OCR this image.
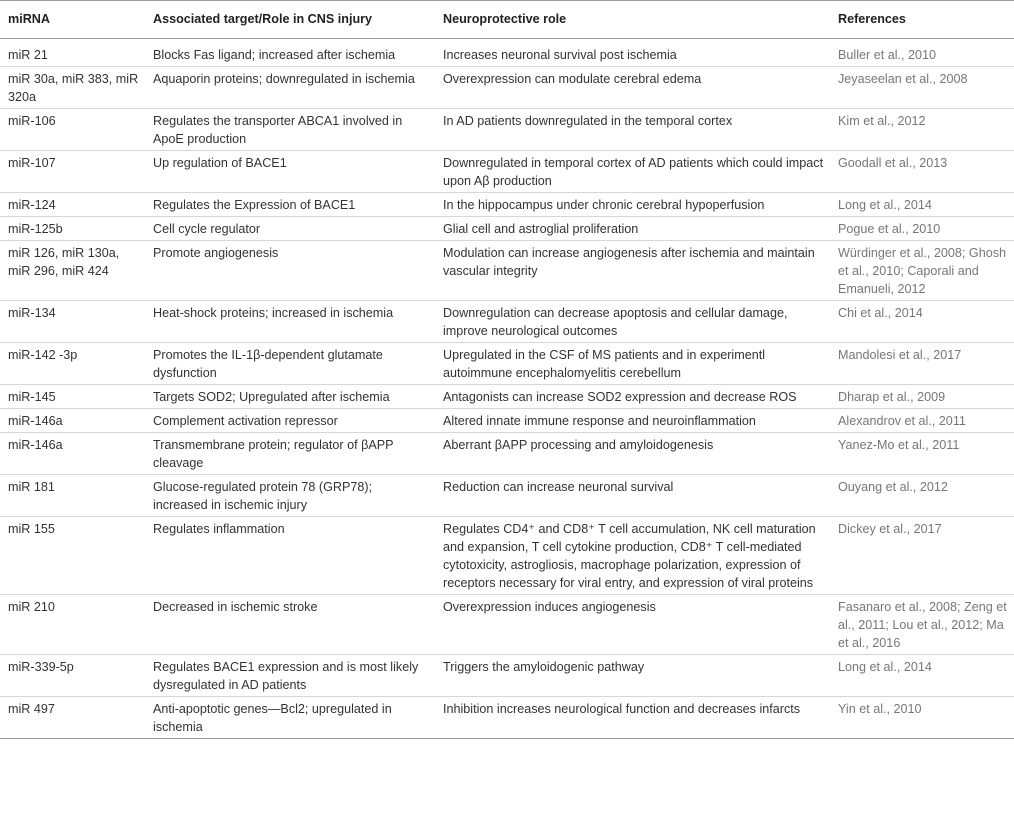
miRNA	Associated target/Role in CNS injury	Neuroprotective role	References
miR 21	Blocks Fas ligand; increased after ischemia	Increases neuronal survival post ischemia	Buller et al., 2010
miR 30a, miR 383, miR 320a	Aquaporin proteins; downregulated in ischemia	Overexpression can modulate cerebral edema	Jeyaseelan et al., 2008
miR-106	Regulates the transporter ABCA1 involved in ApoE production	In AD patients downregulated in the temporal cortex	Kim et al., 2012
miR-107	Up regulation of BACE1	Downregulated in temporal cortex of AD patients which could impact upon Aβ production	Goodall et al., 2013
miR-124	Regulates the Expression of BACE1	In the hippocampus under chronic cerebral hypoperfusion	Long et al., 2014
miR-125b	Cell cycle regulator	Glial cell and astroglial proliferation	Pogue et al., 2010
miR 126, miR 130a, miR 296, miR 424	Promote angiogenesis	Modulation can increase angiogenesis after ischemia and maintain vascular integrity	Würdinger et al., 2008; Ghosh et al., 2010; Caporali and Emanueli, 2012
miR-134	Heat-shock proteins; increased in ischemia	Downregulation can decrease apoptosis and cellular damage, improve neurological outcomes	Chi et al., 2014
miR-142 -3p	Promotes the IL-1β-dependent glutamate dysfunction	Upregulated in the CSF of MS patients and in experimentl autoimmune encephalomyelitis cerebellum	Mandolesi et al., 2017
miR-145	Targets SOD2; Upregulated after ischemia	Antagonists can increase SOD2 expression and decrease ROS	Dharap et al., 2009
miR-146a	Complement activation repressor	Altered innate immune response and neuroinflammation	Alexandrov et al., 2011
miR-146a	Transmembrane protein; regulator of βAPP cleavage	Aberrant βAPP processing and amyloidogenesis	Yanez-Mo et al., 2011
miR 181	Glucose-regulated protein 78 (GRP78); increased in ischemic injury	Reduction can increase neuronal survival	Ouyang et al., 2012
miR 155	Regulates inflammation	Regulates CD4⁺ and CD8⁺ T cell accumulation, NK cell maturation and expansion, T cell cytokine production, CD8⁺ T cell-mediated cytotoxicity, astrogliosis, macrophage polarization, expression of receptors necessary for viral entry, and expression of viral proteins	Dickey et al., 2017
miR 210	Decreased in ischemic stroke	Overexpression induces angiogenesis	Fasanaro et al., 2008; Zeng et al., 2011; Lou et al., 2012; Ma et al., 2016
miR-339-5p	Regulates BACE1 expression and is most likely dysregulated in AD patients	Triggers the amyloidogenic pathway	Long et al., 2014
miR 497	Anti-apoptotic genes—Bcl2; upregulated in ischemia	Inhibition increases neurological function and decreases infarcts	Yin et al., 2010
